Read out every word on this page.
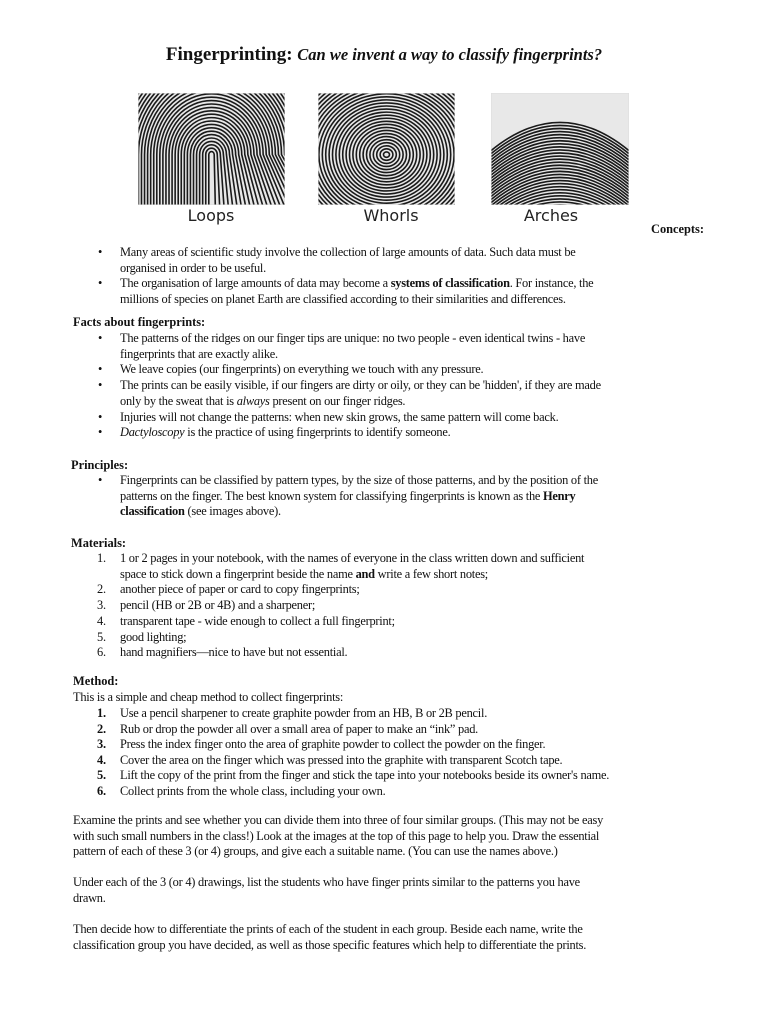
Fingerprinting: Can we invent a way to classify fingerprints?
Loops	Whorls	Arches
• Many areas of scientific study involve the collection of large amounts of data. Such data must be
organised in order to be useful.
• The organisation of large amounts of data may become a systems of classification. For instance, the
millions of species on planet Earth are classified according to their similarities and differences.
Concepts:
Facts about fingerprints:
• The patterns of the ridges on our finger tips are unique: no two people - even identical twins - have
fingerprints that are exactly alike.
• We leave copies (our fingerprints) on everything we touch with any pressure.
• The prints can be easily visible, if our fingers are dirty or oily, or they can be 'hidden', if they are made
only by the sweat that is always present on our finger ridges.
• Injuries will not change the patterns: when new skin grows, the same pattern will come back.
• Dactyloscopy is the practice of using fingerprints to identify someone.
Principles:
• Fingerprints can be classified by pattern types, by the size of those patterns, and by the position of the
patterns on the finger. The best known system for classifying fingerprints is known as the Henry
classification (see images above).
Materials:
1. 1 or 2 pages in your notebook, with the names of everyone in the class written down and sufficient
space to stick down a fingerprint beside the name and write a few short notes;
2. another piece of paper or card to copy fingerprints;
3. pencil (HB or 2B or 4B) and a sharpener;
4. transparent tape - wide enough to collect a full fingerprint;
5. good lighting;
6. hand magnifiers—nice to have but not essential.
Method:
This is a simple and cheap method to collect fingerprints:
1. Use a pencil sharpener to create graphite powder from an HB, B or 2B pencil.
2. Rub or drop the powder all over a small area of paper to make an “ink” pad.
3. Press the index finger onto the area of graphite powder to collect the powder on the finger.
4. Cover the area on the finger which was pressed into the graphite with transparent Scotch tape.
5. Lift the copy of the print from the finger and stick the tape into your notebooks beside its owner's name.
6. Collect prints from the whole class, including your own.
Examine the prints and see whether you can divide them into three of four similar groups. (This may not be easy
with such small numbers in the class!) Look at the images at the top of this page to help you. Draw the essential
pattern of each of these 3 (or 4) groups, and give each a suitable name. (You can use the names above.)
Under each of the 3 (or 4) drawings, list the students who have finger prints similar to the patterns you have
drawn.
Then decide how to differentiate the prints of each of the student in each group. Beside each name, write the
classification group you have decided, as well as those specific features which help to differentiate the prints.
